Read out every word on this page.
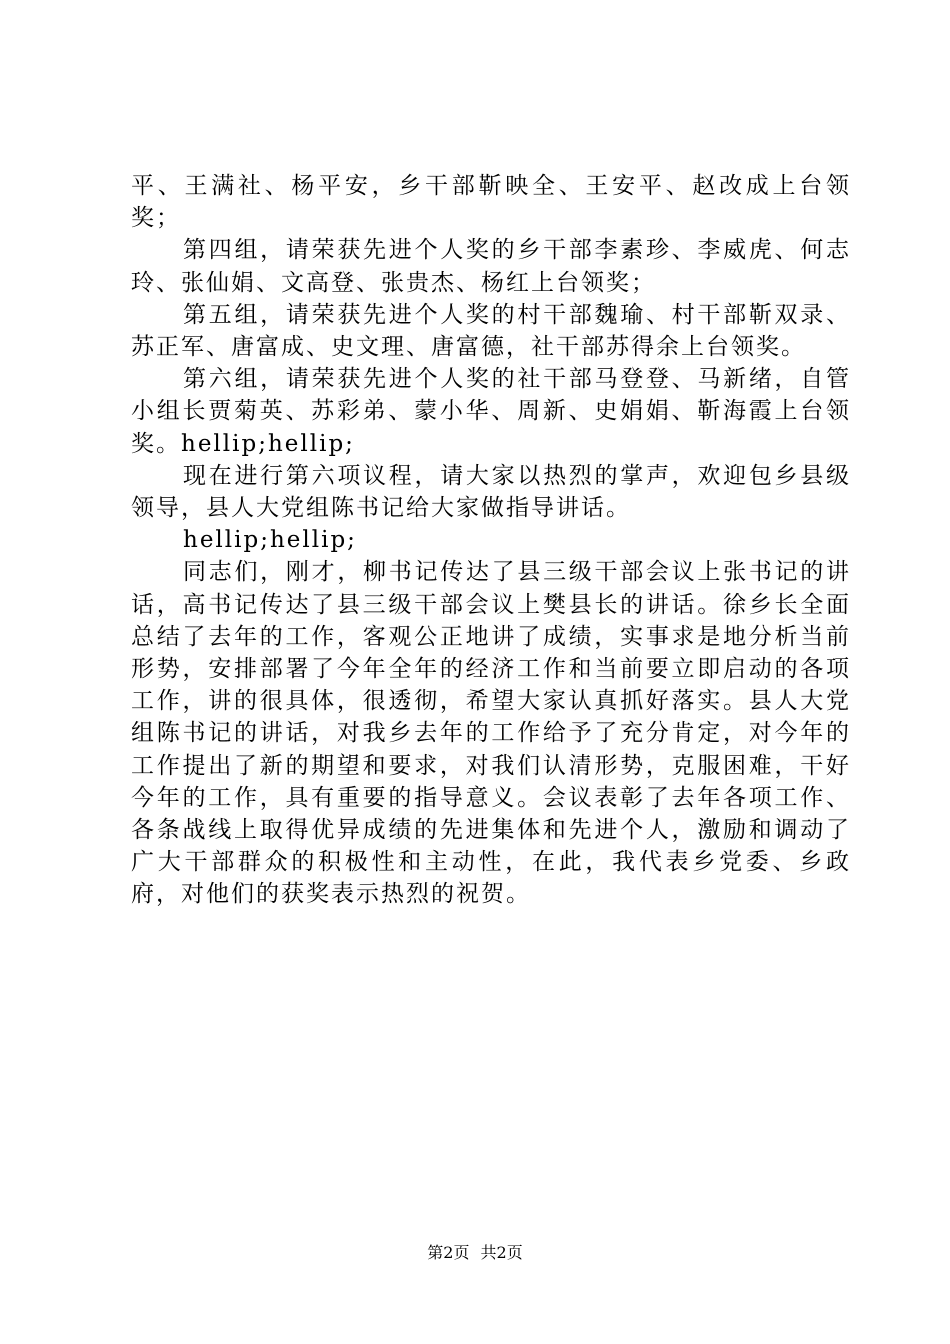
平、王满社、杨平安，乡干部靳映全、王安平、赵改成上台领奖；

第四组，请荣获先进个人奖的乡干部李素珍、李威虎、何志玲、张仙娟、文高登、张贵杰、杨红上台领奖；

第五组，请荣获先进个人奖的村干部魏瑜、村干部靳双录、苏正军、唐富成、史文理、唐富德，社干部苏得余上台领奖。

第六组，请荣获先进个人奖的社干部马登登、马新绪，自管小组长贾菊英、苏彩弟、蒙小华、周新、史娟娟、靳海霞上台领奖。hellip;hellip;

现在进行第六项议程，请大家以热烈的掌声，欢迎包乡县级领导，县人大党组陈书记给大家做指导讲话。

hellip;hellip;

同志们，刚才，柳书记传达了县三级干部会议上张书记的讲话，高书记传达了县三级干部会议上樊县长的讲话。徐乡长全面总结了去年的工作，客观公正地讲了成绩，实事求是地分析当前形势，安排部署了今年全年的经济工作和当前要立即启动的各项工作，讲的很具体，很透彻，希望大家认真抓好落实。县人大党组陈书记的讲话，对我乡去年的工作给予了充分肯定，对今年的工作提出了新的期望和要求，对我们认清形势，克服困难，干好今年的工作，具有重要的指导意义。会议表彰了去年各项工作、各条战线上取得优异成绩的先进集体和先进个人，激励和调动了广大干部群众的积极性和主动性，在此，我代表乡党委、乡政府，对他们的获奖表示热烈的祝贺。

第2页 共2页
